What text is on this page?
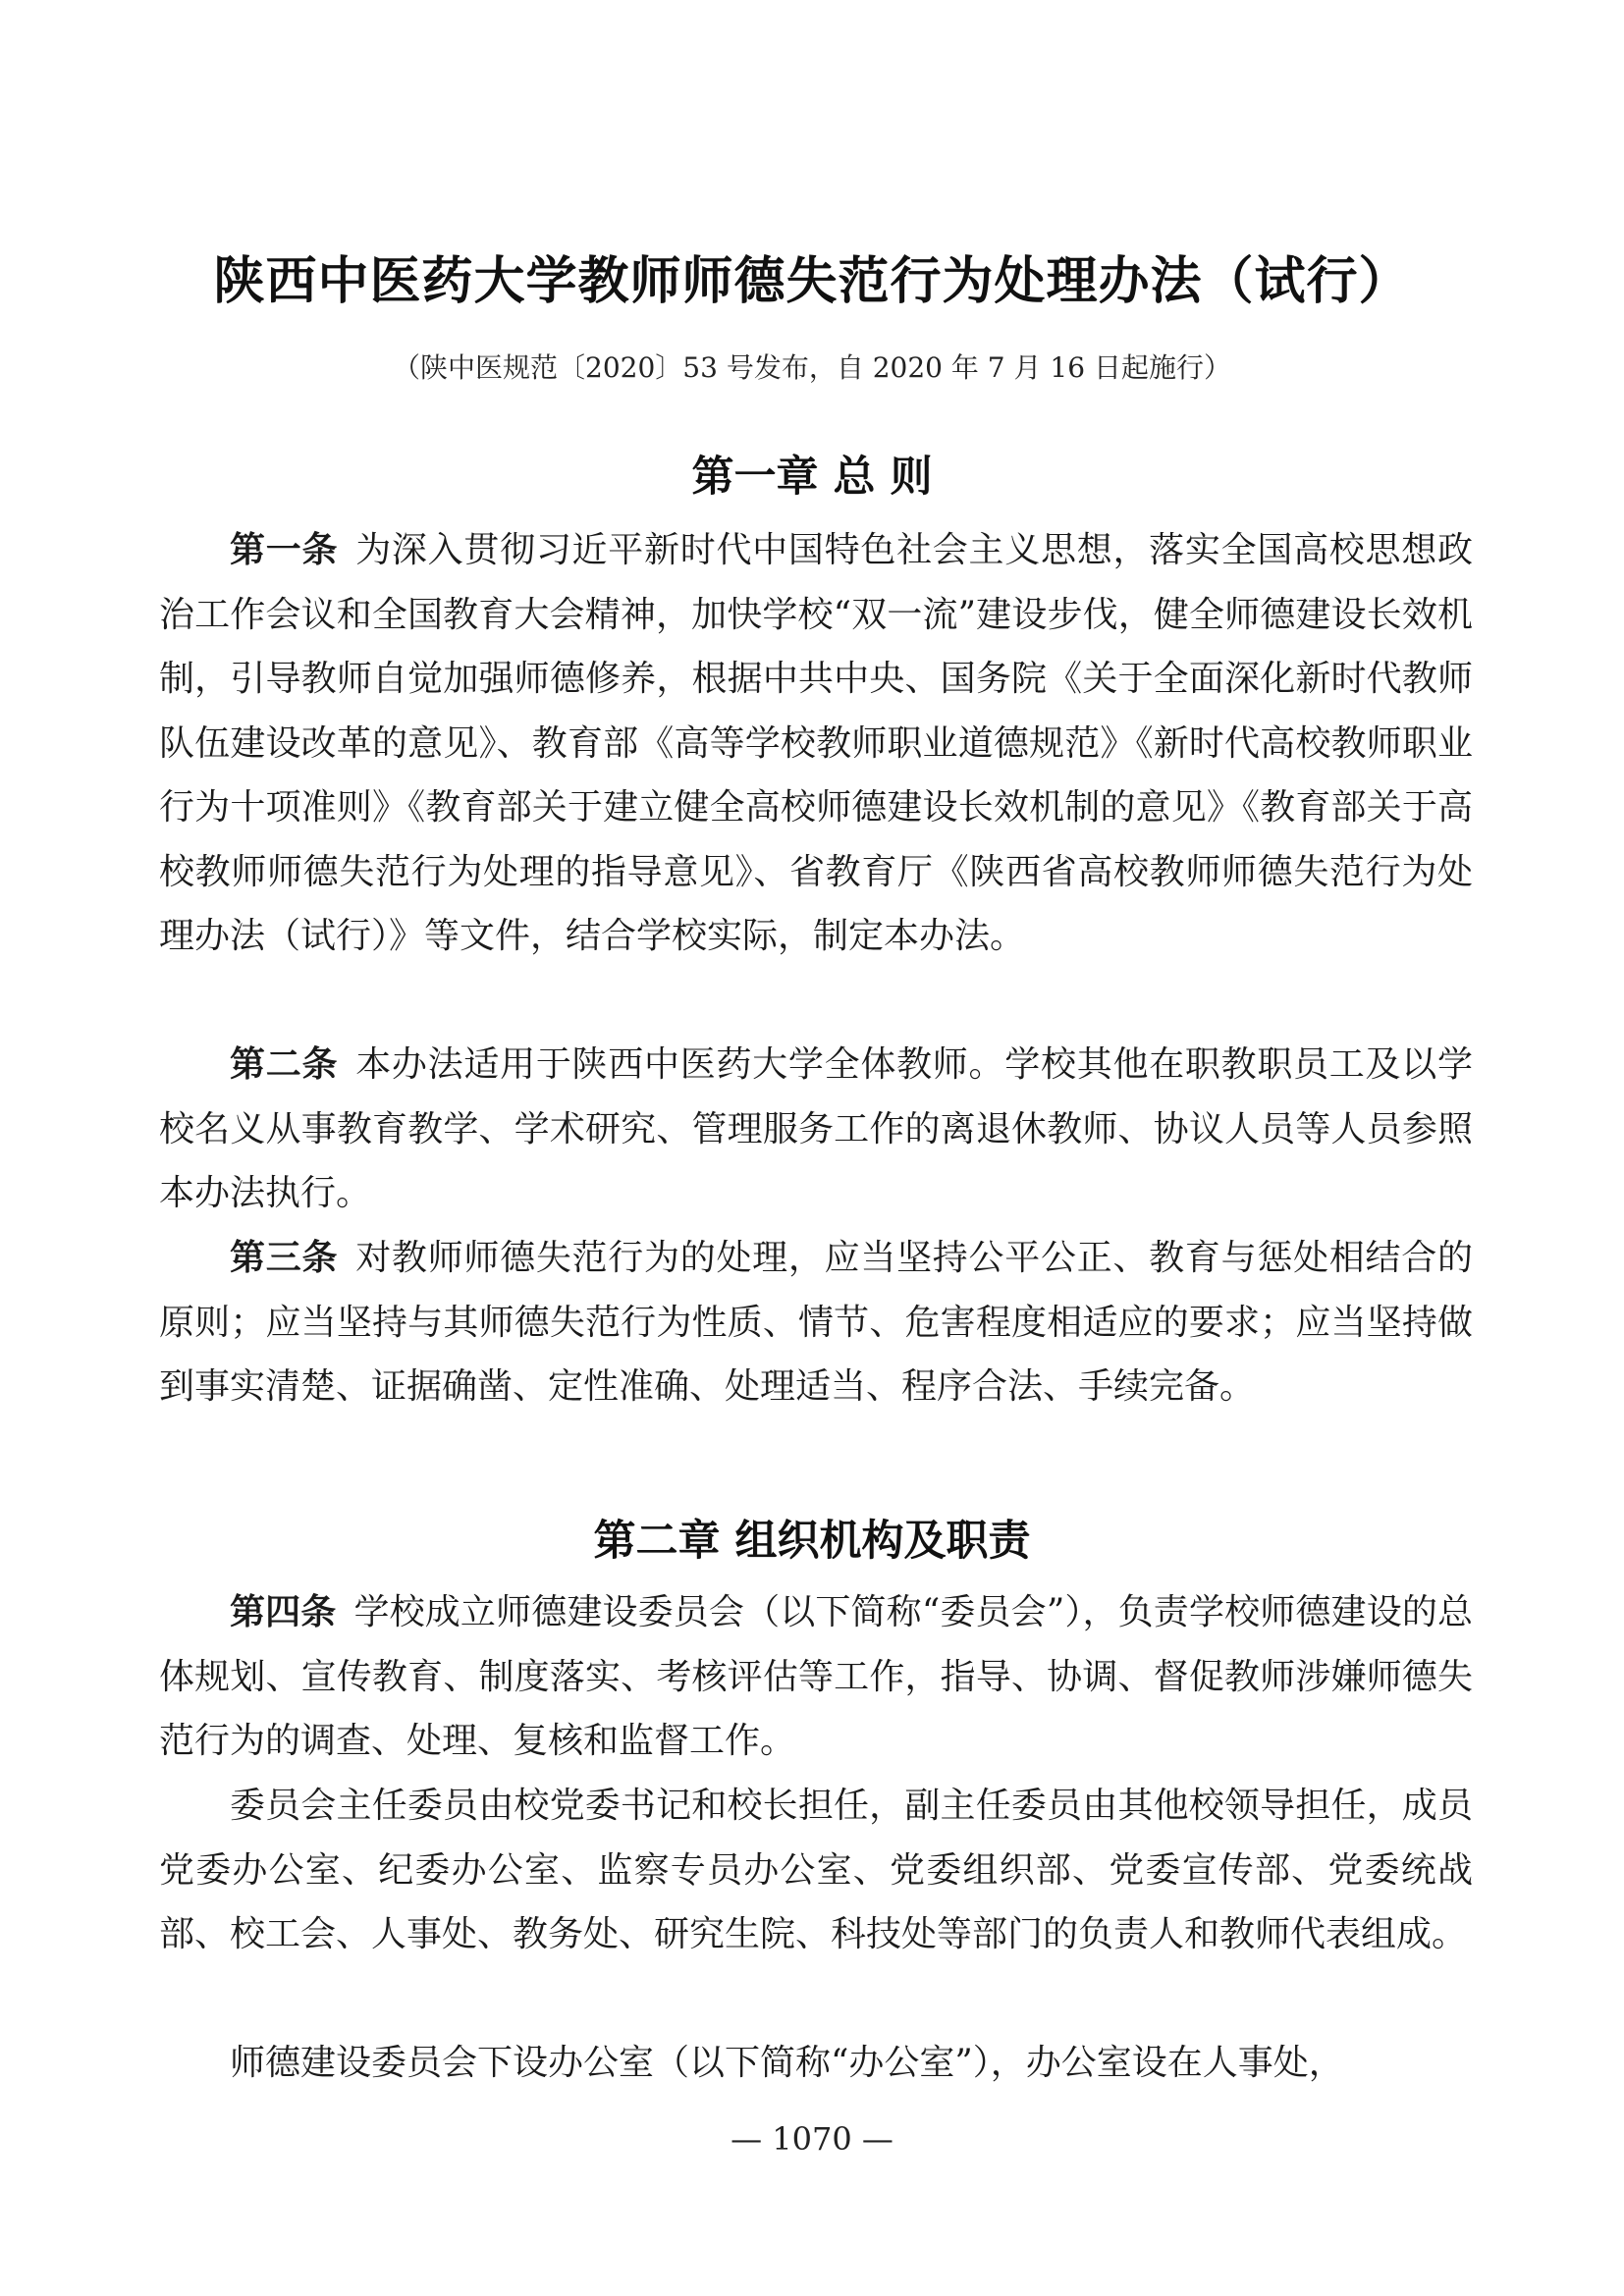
陕西中医药大学教师师德失范行为处理办法（试行）
（陕中医规范〔2020〕53 号发布，自 2020 年 7 月 16 日起施行）
第一章 总 则

第一条 为深入贯彻习近平新时代中国特色社会主义思想，落实全国高校思想政治工作会议和全国教育大会精神，加快学校“双一流”建设步伐，健全师德建设长效机制，引导教师自觉加强师德修养，根据中共中央、国务院《关于全面深化新时代教师队伍建设改革的意见》、教育部《高等学校教师职业道德规范》《新时代高校教师职业行为十项准则》《教育部关于建立健全高校师德建设长效机制的意见》《教育部关于高校教师师德失范行为处理的指导意见》、省教育厅《陕西省高校教师师德失范行为处理办法（试行）》等文件，结合学校实际，制定本办法。

第二条 本办法适用于陕西中医药大学全体教师。学校其他在职教职员工及以学校名义从事教育教学、学术研究、管理服务工作的离退休教师、协议人员等人员参照本办法执行。

第三条 对教师师德失范行为的处理，应当坚持公平公正、教育与惩处相结合的原则；应当坚持与其师德失范行为性质、情节、危害程度相适应的要求；应当坚持做到事实清楚、证据确凿、定性准确、处理适当、程序合法、手续完备。

第二章 组织机构及职责

第四条 学校成立师德建设委员会（以下简称“委员会”），负责学校师德建设的总体规划、宣传教育、制度落实、考核评估等工作，指导、协调、督促教师涉嫌师德失范行为的调查、处理、复核和监督工作。

委员会主任委员由校党委书记和校长担任，副主任委员由其他校领导担任，成员党委办公室、纪委办公室、监察专员办公室、党委组织部、党委宣传部、党委统战部、校工会、人事处、教务处、研究生院、科技处等部门的负责人和教师代表组成。

师德建设委员会下设办公室（以下简称“办公室”），办公室设在人事处，

— 1070 —
